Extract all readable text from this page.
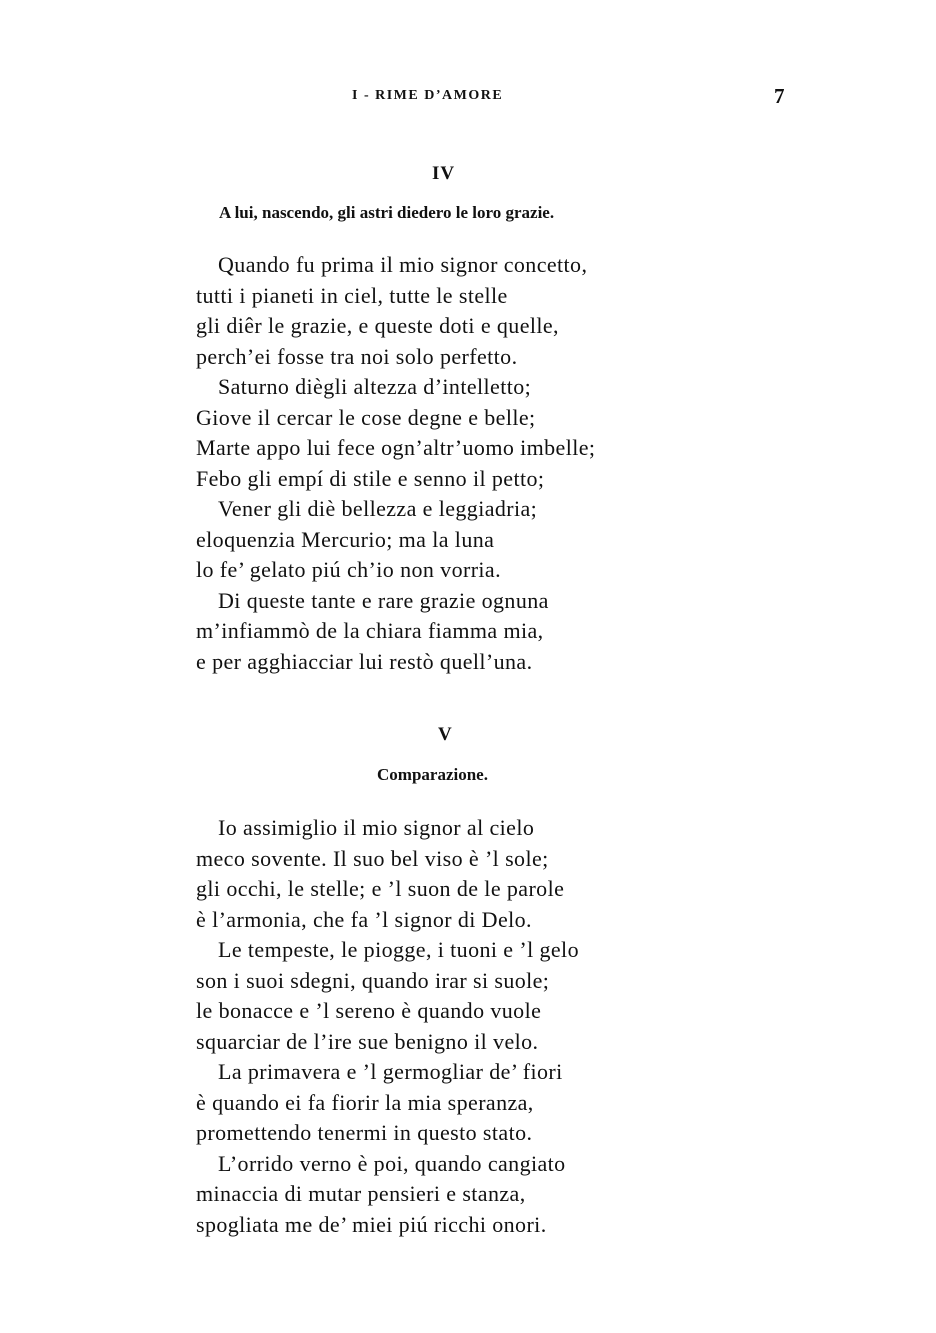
I - RIME D’AMORE	7
IV
A lui, nascendo, gli astri diedero le loro grazie.
Quando fu prima il mio signor concetto,
tutti i pianeti in ciel, tutte le stelle
gli diêr le grazie, e queste doti e quelle,
perch’ei fosse tra noi solo perfetto.
Saturno diègli altezza d’intelletto;
Giove il cercar le cose degne e belle;
Marte appo lui fece ogn’altr’uomo imbelle;
Febo gli empí di stile e senno il petto;
Vener gli diè bellezza e leggiadria;
eloquenzia Mercurio; ma la luna
lo fe’ gelato piú ch’io non vorria.
Di queste tante e rare grazie ognuna
m’infiammò de la chiara fiamma mia,
e per agghiacciar lui restò quell’una.
V
Comparazione.
Io assimiglio il mio signor al cielo
meco sovente. Il suo bel viso è ’l sole;
gli occhi, le stelle; e ’l suon de le parole
è l’armonia, che fa ’l signor di Delo.
Le tempeste, le piogge, i tuoni e ’l gelo
son i suoi sdegni, quando irar si suole;
le bonacce e ’l sereno è quando vuole
squarciar de l’ire sue benigno il velo.
La primavera e ’l germogliar de’ fiori
è quando ei fa fiorir la mia speranza,
promettendo tenermi in questo stato.
L’orrido verno è poi, quando cangiato
minaccia di mutar pensieri e stanza,
spogliata me de’ miei piú ricchi onori.
